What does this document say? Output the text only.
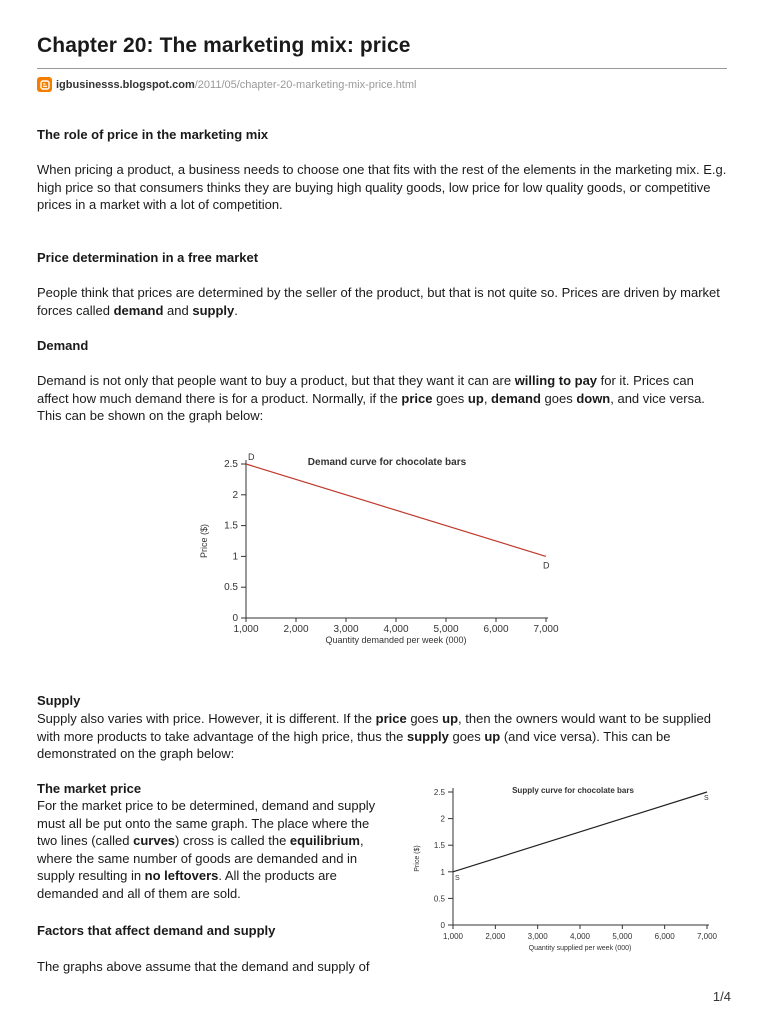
Chapter 20: The marketing mix: price
igbusinesss.blogspot.com /2011/05/chapter-20-marketing-mix-price.html
The role of price in the marketing mix
When pricing a product, a business needs to choose one that fits with the rest of the elements in the marketing mix. E.g. high price so that consumers thinks they are buying high quality goods, low price for low quality goods, or competitive prices in a market with a lot of competition.
Price determination in a free market
People think that prices are determined by the seller of the product, but that is not quite so. Prices are driven by market forces called demand and supply.
Demand
Demand is not only that people want to buy a product, but that they want it can are willing to pay for it. Prices can affect how much demand there is for a product. Normally, if the price goes up, demand goes down, and vice versa. This can be shown on the graph below:
0
0.5
1
1.5
2
2.5
1,000 2,000 3,000 4,000 5,000 6,000 7,000
Quantity demanded per week (000)
Price ($)
Demand curve for chocolate bars
D
D
Supply
Supply also varies with price. However, it is different. If the price goes up, then the owners would want to be supplied with more products to take advantage of the high price, thus the supply goes up (and vice versa). This can be demonstrated on the graph below:
The market price
For the market price to be determined, demand and supply must all be put onto the same graph. The place where the two lines (called curves) cross is called the equilibrium, where the same number of goods are demanded and in supply resulting in no leftovers. All the products are demanded and all of them are sold.
Factors that affect demand and supply
The graphs above assume that the demand and supply of
0
0.5
1
1.5
2
2.5
1,000	2,000	3,000	4,000	5,000	6,000	7,000
Quantity supplied per week (000)
Price ($)
Supply curve for chocolate bars
S
S
1/4
